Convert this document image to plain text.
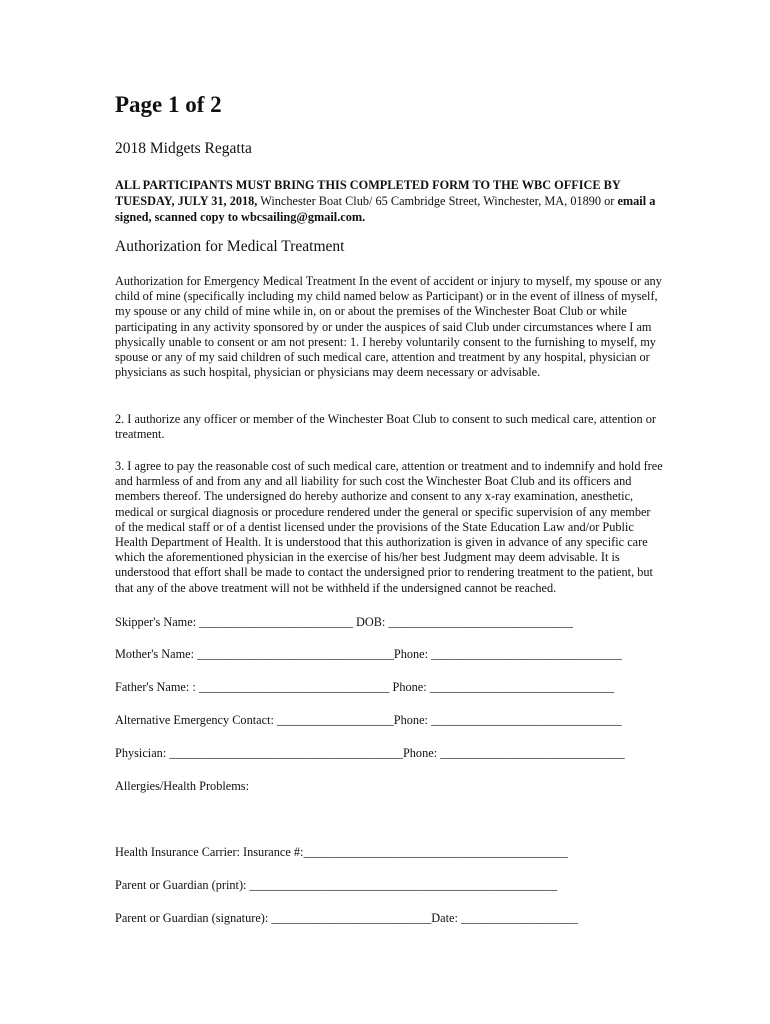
Page 1 of 2
2018 Midgets Regatta
ALL PARTICIPANTS MUST BRING THIS COMPLETED FORM TO THE WBC OFFICE BY TUESDAY, JULY 31, 2018, Winchester Boat Club/ 65 Cambridge Street, Winchester, MA, 01890 or email a signed, scanned copy to wbcsailing@gmail.com.
Authorization for Medical Treatment

Authorization for Emergency Medical Treatment In the event of accident or injury to myself, my spouse or any child of mine (specifically including my child named below as Participant) or in the event of illness of myself, my spouse or any child of mine while in, on or about the premises of the Winchester Boat Club or while participating in any activity sponsored by or under the auspices of said Club under circumstances where I am physically unable to consent or am not present: 1. I hereby voluntarily consent to the furnishing to myself, my spouse or any of my said children of such medical care, attention and treatment by any hospital, physician or physicians as such hospital, physician or physicians may deem necessary or advisable.

2. I authorize any officer or member of the Winchester Boat Club to consent to such medical care, attention or treatment.

3. I agree to pay the reasonable cost of such medical care, attention or treatment and to indemnify and hold free and harmless of and from any and all liability for such cost the Winchester Boat Club and its officers and members thereof. The undersigned do hereby authorize and consent to any x-ray examination, anesthetic, medical or surgical diagnosis or procedure rendered under the general or specific supervision of any member of the medical staff or of a dentist licensed under the provisions of the State Education Law and/or Public Health Department of Health. It is understood that this authorization is given in advance of any specific care which the aforementioned physician in the exercise of his/her best Judgment may deem advisable. It is understood that effort shall be made to contact the undersigned prior to rendering treatment to the patient, but that any of the above treatment will not be withheld if the undersigned cannot be reached.

Skipper's Name: _________________________ DOB: ______________________________
Mother's Name: ________________________________Phone: _______________________________
Father's Name: : _______________________________ Phone: ______________________________
Alternative Emergency Contact: ___________________Phone: _______________________________
Physician: ______________________________________Phone: ______________________________
Allergies/Health Problems:
Health Insurance Carrier: Insurance #:___________________________________________
Parent or Guardian (print): __________________________________________________
Parent or Guardian (signature): __________________________Date: ___________________
